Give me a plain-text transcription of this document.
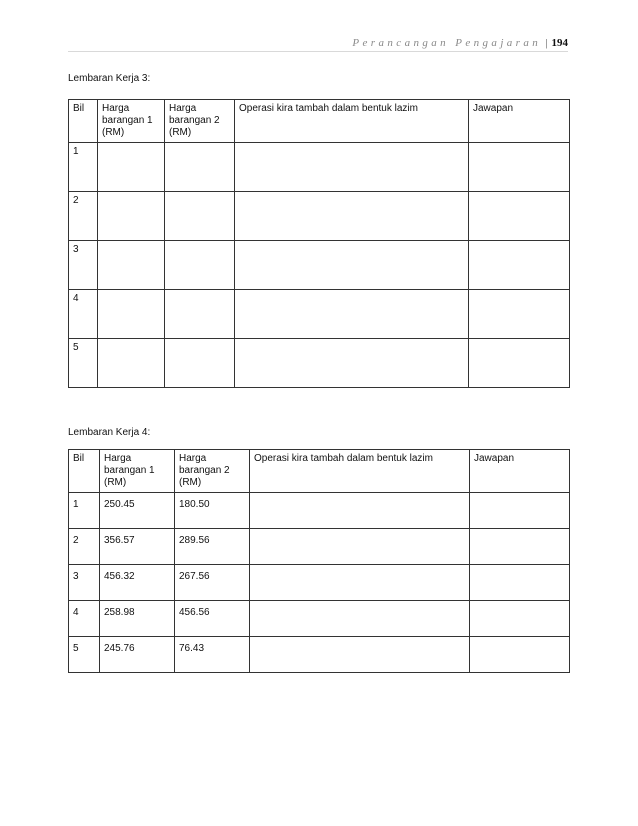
Perancangan Pengajaran | 194
Lembaran Kerja 3:
Bil	Harga barangan 1 (RM)	Harga barangan 2 (RM)	Operasi kira tambah dalam bentuk lazim	Jawapan
1				
2				
3				
4				
5				
Lembaran Kerja 4:
Bil	Harga barangan 1 (RM)	Harga barangan 2 (RM)	Operasi kira tambah dalam bentuk lazim	Jawapan
1	250.45	180.50		
2	356.57	289.56		
3	456.32	267.56		
4	258.98	456.56		
5	245.76	76.43		
